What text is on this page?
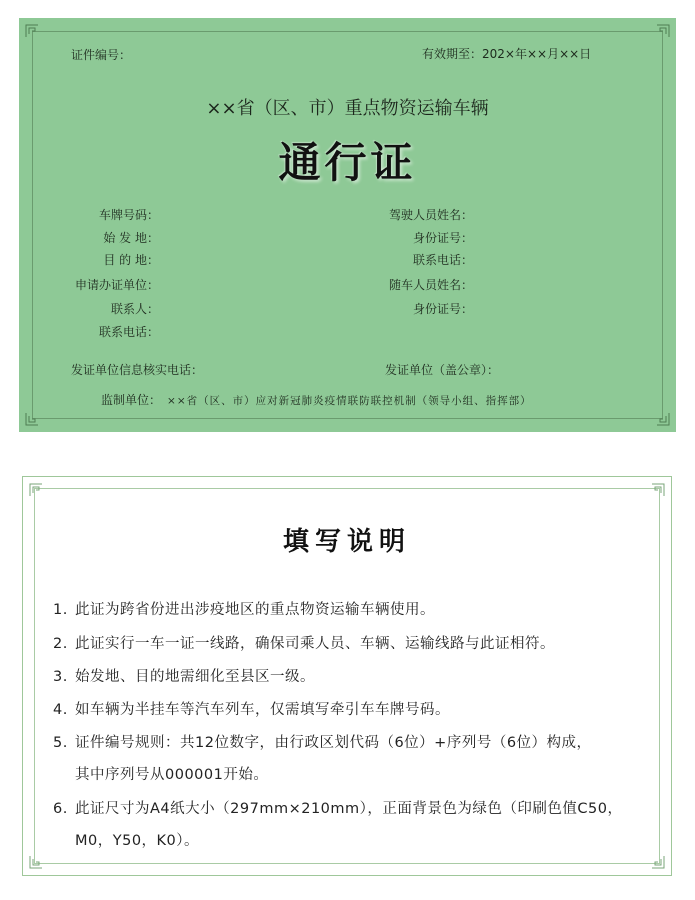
证件编号：	有效期至：202×年××月××日
××省（区、市）重点物资运输车辆
通行证
车牌号码：
始 发 地：
目 的 地：
申请办证单位：
联系人：
联系电话：
驾驶人员姓名：
身份证号：
联系电话：
随车人员姓名：
身份证号：
发证单位信息核实电话：	发证单位（盖公章）：
监制单位： ××省（区、市）应对新冠肺炎疫情联防联控机制（领导小组、指挥部）
填写说明
1. 此证为跨省份进出涉疫地区的重点物资运输车辆使用。
2. 此证实行一车一证一线路，确保司乘人员、车辆、运输线路与此证相符。
3. 始发地、目的地需细化至县区一级。
4. 如车辆为半挂车等汽车列车，仅需填写牵引车车牌号码。
5. 证件编号规则：共12位数字，由行政区划代码（6位）+序列号（6位）构成，
其中序列号从000001开始。
6. 此证尺寸为A4纸大小（297mm×210mm），正面背景色为绿色（印刷色值C50，
M0，Y50，K0）。
